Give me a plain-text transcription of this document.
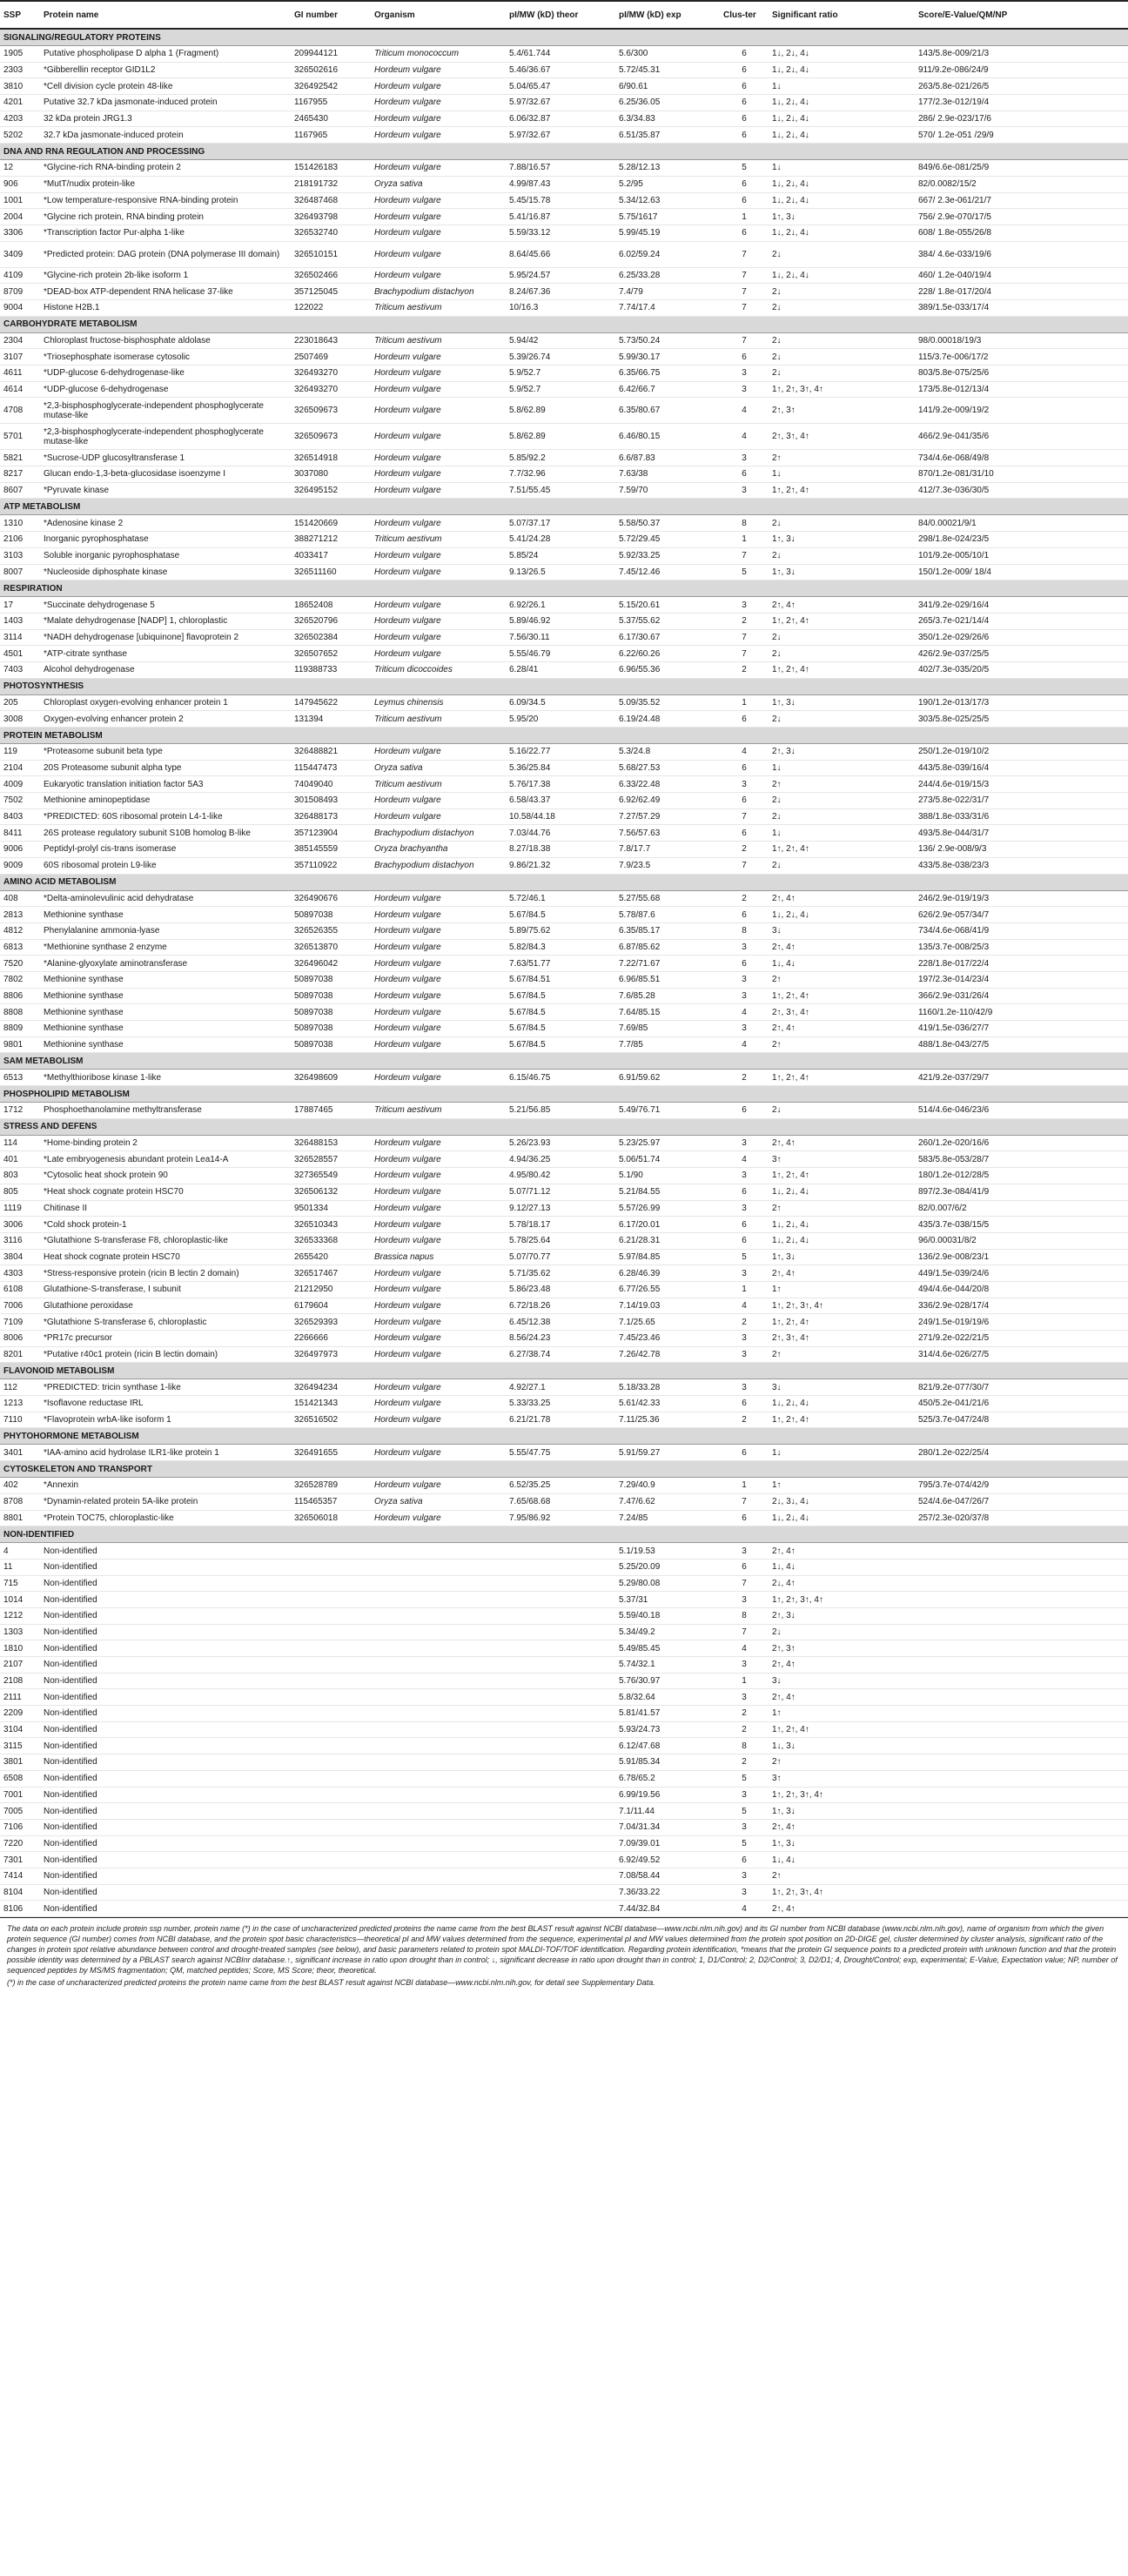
SSP	Protein name	GI number	Organism	pI/MW (kD) theor	pI/MW (kD) exp	Clus-ter	Significant ratio	Score/E-Value/QM/NP
SIGNALING/REGULATORY PROTEINS								
1905	Putative phospholipase D alpha 1 (Fragment)	209944121	Triticum monococcum	5.4/61.744	5.6/300	6	1↓, 2↓, 4↓	143/5.8e-009/21/3
2303	*Gibberellin receptor GID1L2	326502616	Hordeum vulgare	5.46/36.67	5.72/45.31	6	1↓, 2↓, 4↓	911/9.2e-086/24/9
3810	*Cell division cycle protein 48-like	326492542	Hordeum vulgare	5.04/65.47	6/90.61	6	1↓	263/5.8e-021/26/5
4201	Putative 32.7 kDa jasmonate-induced protein	1167955	Hordeum vulgare	5.97/32.67	6.25/36.05	6	1↓, 2↓, 4↓	177/2.3e-012/19/4
4203	32 kDa protein JRG1.3	2465430	Hordeum vulgare	6.06/32.87	6.3/34.83	6	1↓, 2↓, 4↓	286/ 2.9e-023/17/6
5202	32.7 kDa jasmonate-induced protein	1167965	Hordeum vulgare	5.97/32.67	6.51/35.87	6	1↓, 2↓, 4↓	570/ 1.2e-051 /29/9
DNA AND RNA REGULATION AND PROCESSING								
12	*Glycine-rich RNA-binding protein 2	151426183	Hordeum vulgare	7.88/16.57	5.28/12.13	5	1↓	849/6.6e-081/25/9
906	*MutT/nudix protein-like	218191732	Oryza sativa	4.99/87.43	5.2/95	6	1↓, 2↓, 4↓	82/0.0082/15/2
1001	*Low temperature-responsive RNA-binding protein	326487468	Hordeum vulgare	5.45/15.78	5.34/12.63	6	1↓, 2↓, 4↓	667/ 2.3e-061/21/7
2004	*Glycine rich protein, RNA binding protein	326493798	Hordeum vulgare	5.41/16.87	5.75/1617	1	1↑, 3↓	756/ 2.9e-070/17/5
3306	*Transcription factor Pur-alpha 1-like	326532740	Hordeum vulgare	5.59/33.12	5.99/45.19	6	1↓, 2↓, 4↓	608/ 1.8e-055/26/8
3409	*Predicted protein: DAG protein (DNA polymerase III domain)	326510151	Hordeum vulgare	8.64/45.66	6.02/59.24	7	2↓	384/ 4.6e-033/19/6
4109	*Glycine-rich protein 2b-like isoform 1	326502466	Hordeum vulgare	5.95/24.57	6.25/33.28	7	1↓, 2↓, 4↓	460/ 1.2e-040/19/4
8709	*DEAD-box ATP-dependent RNA helicase 37-like	357125045	Brachypodium distachyon	8.24/67.36	7.4/79	7	2↓	228/ 1.8e-017/20/4
9004	Histone H2B.1	122022	Triticum aestivum	10/16.3	7.74/17.4	7	2↓	389/1.5e-033/17/4
CARBOHYDRATE METABOLISM								
2304	Chloroplast fructose-bisphosphate aldolase	223018643	Triticum aestivum	5.94/42	5.73/50.24	7	2↓	98/0.00018/19/3
3107	*Triosephosphate isomerase cytosolic	2507469	Hordeum vulgare	5.39/26.74	5.99/30.17	6	2↓	115/3.7e-006/17/2
4611	*UDP-glucose 6-dehydrogenase-like	326493270	Hordeum vulgare	5.9/52.7	6.35/66.75	3	2↓	803/5.8e-075/25/6
4614	*UDP-glucose 6-dehydrogenase	326493270	Hordeum vulgare	5.9/52.7	6.42/66.7	3	1↑, 2↑, 3↑, 4↑	173/5.8e-012/13/4
4708	*2,3-bisphosphoglycerate-independent phosphoglycerate mutase-like	326509673	Hordeum vulgare	5.8/62.89	6.35/80.67	4	2↑, 3↑	141/9.2e-009/19/2
5701	*2,3-bisphosphoglycerate-independent phosphoglycerate mutase-like	326509673	Hordeum vulgare	5.8/62.89	6.46/80.15	4	2↑, 3↑, 4↑	466/2.9e-041/35/6
5821	*Sucrose-UDP glucosyltransferase 1	326514918	Hordeum vulgare	5.85/92.2	6.6/87.83	3	2↑	734/4.6e-068/49/8
8217	Glucan endo-1,3-beta-glucosidase isoenzyme I	3037080	Hordeum vulgare	7.7/32.96	7.63/38	6	1↓	870/1.2e-081/31/10
8607	*Pyruvate kinase	326495152	Hordeum vulgare	7.51/55.45	7.59/70	3	1↑, 2↑, 4↑	412/7.3e-036/30/5
ATP METABOLISM								
1310	*Adenosine kinase 2	151420669	Hordeum vulgare	5.07/37.17	5.58/50.37	8	2↓	84/0.00021/9/1
2106	Inorganic pyrophosphatase	388271212	Triticum aestivum	5.41/24.28	5.72/29.45	1	1↑, 3↓	298/1.8e-024/23/5
3103	Soluble inorganic pyrophosphatase	4033417	Hordeum vulgare	5.85/24	5.92/33.25	7	2↓	101/9.2e-005/10/1
8007	*Nucleoside diphosphate kinase	326511160	Hordeum vulgare	9.13/26.5	7.45/12.46	5	1↑, 3↓	150/1.2e-009/ 18/4
RESPIRATION								
17	*Succinate dehydrogenase 5	18652408	Hordeum vulgare	6.92/26.1	5.15/20.61	3	2↑, 4↑	341/9.2e-029/16/4
1403	*Malate dehydrogenase [NADP] 1, chloroplastic	326520796	Hordeum vulgare	5.89/46.92	5.37/55.62	2	1↑, 2↑, 4↑	265/3.7e-021/14/4
3114	*NADH dehydrogenase [ubiquinone] flavoprotein 2	326502384	Hordeum vulgare	7.56/30.11	6.17/30.67	7	2↓	350/1.2e-029/26/6
4501	*ATP-citrate synthase	326507652	Hordeum vulgare	5.55/46.79	6.22/60.26	7	2↓	426/2.9e-037/25/5
7403	Alcohol dehydrogenase	119388733	Triticum dicoccoides	6.28/41	6.96/55.36	2	1↑, 2↑, 4↑	402/7.3e-035/20/5
PHOTOSYNTHESIS								
205	Chloroplast oxygen-evolving enhancer protein 1	147945622	Leymus chinensis	6.09/34.5	5.09/35.52	1	1↑, 3↓	190/1.2e-013/17/3
3008	Oxygen-evolving enhancer protein 2	131394	Triticum aestivum	5.95/20	6.19/24.48	6	2↓	303/5.8e-025/25/5
PROTEIN METABOLISM								
119	*Proteasome subunit beta type	326488821	Hordeum vulgare	5.16/22.77	5.3/24.8	4	2↑, 3↓	250/1.2e-019/10/2
2104	20S Proteasome subunit alpha type	115447473	Oryza sativa	5.36/25.84	5.68/27.53	6	1↓	443/5.8e-039/16/4
4009	Eukaryotic translation initiation factor 5A3	74049040	Triticum aestivum	5.76/17.38	6.33/22.48	3	2↑	244/4.6e-019/15/3
7502	Methionine aminopeptidase	301508493	Hordeum vulgare	6.58/43.37	6.92/62.49	6	2↓	273/5.8e-022/31/7
8403	*PREDICTED: 60S ribosomal protein L4-1-like	326488173	Hordeum vulgare	10.58/44.18	7.27/57.29	7	2↓	388/1.8e-033/31/6
8411	26S protease regulatory subunit S10B homolog B-like	357123904	Brachypodium distachyon	7.03/44.76	7.56/57.63	6	1↓	493/5.8e-044/31/7
9006	Peptidyl-prolyl cis-trans isomerase	385145559	Oryza brachyantha	8.27/18.38	7.8/17.7	2	1↑, 2↑, 4↑	136/ 2.9e-008/9/3
9009	60S ribosomal protein L9-like	357110922	Brachypodium distachyon	9.86/21.32	7.9/23.5	7	2↓	433/5.8e-038/23/3
AMINO ACID METABOLISM								
408	*Delta-aminolevulinic acid dehydratase	326490676	Hordeum vulgare	5.72/46.1	5.27/55.68	2	2↑, 4↑	246/2.9e-019/19/3
2813	Methionine synthase	50897038	Hordeum vulgare	5.67/84.5	5.78/87.6	6	1↓, 2↓, 4↓	626/2.9e-057/34/7
4812	Phenylalanine ammonia-lyase	326526355	Hordeum vulgare	5.89/75.62	6.35/85.17	8	3↓	734/4.6e-068/41/9
6813	*Methionine synthase 2 enzyme	326513870	Hordeum vulgare	5.82/84.3	6.87/85.62	3	2↑, 4↑	135/3.7e-008/25/3
7520	*Alanine-glyoxylate aminotransferase	326496042	Hordeum vulgare	7.63/51.77	7.22/71.67	6	1↓, 4↓	228/1.8e-017/22/4
7802	Methionine synthase	50897038	Hordeum vulgare	5.67/84.51	6.96/85.51	3	2↑	197/2.3e-014/23/4
8806	Methionine synthase	50897038	Hordeum vulgare	5.67/84.5	7.6/85.28	3	1↑, 2↑, 4↑	366/2.9e-031/26/4
8808	Methionine synthase	50897038	Hordeum vulgare	5.67/84.5	7.64/85.15	4	2↑, 3↑, 4↑	1160/1.2e-110/42/9
8809	Methionine synthase	50897038	Hordeum vulgare	5.67/84.5	7.69/85	3	2↑, 4↑	419/1.5e-036/27/7
9801	Methionine synthase	50897038	Hordeum vulgare	5.67/84.5	7.7/85	4	2↑	488/1.8e-043/27/5
SAM METABOLISM								
6513	*Methylthioribose kinase 1-like	326498609	Hordeum vulgare	6.15/46.75	6.91/59.62	2	1↑, 2↑, 4↑	421/9.2e-037/29/7
PHOSPHOLIPID METABOLISM								
1712	Phosphoethanolamine methyltransferase	17887465	Triticum aestivum	5.21/56.85	5.49/76.71	6	2↓	514/4.6e-046/23/6
STRESS AND DEFENS								
114	*Home-binding protein 2	326488153	Hordeum vulgare	5.26/23.93	5.23/25.97	3	2↑, 4↑	260/1.2e-020/16/6
401	*Late embryogenesis abundant protein Lea14-A	326528557	Hordeum vulgare	4.94/36.25	5.06/51.74	4	3↑	583/5.8e-053/28/7
803	*Cytosolic heat shock protein 90	327365549	Hordeum vulgare	4.95/80.42	5.1/90	3	1↑, 2↑, 4↑	180/1.2e-012/28/5
805	*Heat shock cognate protein HSC70	326506132	Hordeum vulgare	5.07/71.12	5.21/84.55	6	1↓, 2↓, 4↓	897/2.3e-084/41/9
1119	Chitinase II	9501334	Hordeum vulgare	9.12/27.13	5.57/26.99	3	2↑	82/0.007/6/2
3006	*Cold shock protein-1	326510343	Hordeum vulgare	5.78/18.17	6.17/20.01	6	1↓, 2↓, 4↓	435/3.7e-038/15/5
3116	*Glutathione S-transferase F8, chloroplastic-like	326533368	Hordeum vulgare	5.78/25.64	6.21/28.31	6	1↓, 2↓, 4↓	96/0.00031/8/2
3804	Heat shock cognate protein HSC70	2655420	Brassica napus	5.07/70.77	5.97/84.85	5	1↑, 3↓	136/2.9e-008/23/1
4303	*Stress-responsive protein (ricin B lectin 2 domain)	326517467	Hordeum vulgare	5.71/35.62	6.28/46.39	3	2↑, 4↑	449/1.5e-039/24/6
6108	Glutathione-S-transferase, I subunit	21212950	Hordeum vulgare	5.86/23.48	6.77/26.55	1	1↑	494/4.6e-044/20/8
7006	Glutathione peroxidase	6179604	Hordeum vulgare	6.72/18.26	7.14/19.03	4	1↑, 2↑, 3↑, 4↑	336/2.9e-028/17/4
7109	*Glutathione S-transferase 6, chloroplastic	326529393	Hordeum vulgare	6.45/12.38	7.1/25.65	2	1↑, 2↑, 4↑	249/1.5e-019/19/6
8006	*PR17c precursor	2266666	Hordeum vulgare	8.56/24.23	7.45/23.46	3	2↑, 3↑, 4↑	271/9.2e-022/21/5
8201	*Putative r40c1 protein (ricin B lectin domain)	326497973	Hordeum vulgare	6.27/38.74	7.26/42.78	3	2↑	314/4.6e-026/27/5
FLAVONOID METABOLISM								
112	*PREDICTED: tricin synthase 1-like	326494234	Hordeum vulgare	4.92/27.1	5.18/33.28	3	3↓	821/9.2e-077/30/7
1213	*Isoflavone reductase IRL	151421343	Hordeum vulgare	5.33/33.25	5.61/42.33	6	1↓, 2↓, 4↓	450/5.2e-041/21/6
7110	*Flavoprotein wrbA-like isoform 1	326516502	Hordeum vulgare	6.21/21.78	7.11/25.36	2	1↑, 2↑, 4↑	525/3.7e-047/24/8
PHYTOHORMONE METABOLISM								
3401	*IAA-amino acid hydrolase ILR1-like protein 1	326491655	Hordeum vulgare	5.55/47.75	5.91/59.27	6	1↓	280/1.2e-022/25/4
CYTOSKELETON AND TRANSPORT								
402	*Annexin	326528789	Hordeum vulgare	6.52/35.25	7.29/40.9	1	1↑	795/3.7e-074/42/9
8708	*Dynamin-related protein 5A-like protein	115465357	Oryza sativa	7.65/68.68	7.47/6.62	7	2↓, 3↓, 4↓	524/4.6e-047/26/7
8801	*Protein TOC75, chloroplastic-like	326506018	Hordeum vulgare	7.95/86.92	7.24/85	6	1↓, 2↓, 4↓	257/2.3e-020/37/8
NON-IDENTIFIED								
4	Non-identified				5.1/19.53	3	2↑, 4↑	
11	Non-identified				5.25/20.09	6	1↓, 4↓	
715	Non-identified				5.29/80.08	7	2↓, 4↑	
1014	Non-identified				5.37/31	3	1↑, 2↑, 3↑, 4↑	
1212	Non-identified				5.59/40.18	8	2↑, 3↓	
1303	Non-identified				5.34/49.2	7	2↓	
1810	Non-identified				5.49/85.45	4	2↑, 3↑	
2107	Non-identified				5.74/32.1	3	2↑, 4↑	
2108	Non-identified				5.76/30.97	1	3↓	
2111	Non-identified				5.8/32.64	3	2↑, 4↑	
2209	Non-identified				5.81/41.57	2	1↑	
3104	Non-identified				5.93/24.73	2	1↑, 2↑, 4↑	
3115	Non-identified				6.12/47.68	8	1↓, 3↓	
3801	Non-identified				5.91/85.34	2	2↑	
6508	Non-identified				6.78/65.2	5	3↑	
7001	Non-identified				6.99/19.56	3	1↑, 2↑, 3↑, 4↑	
7005	Non-identified				7.1/11.44	5	1↑, 3↓	
7106	Non-identified				7.04/31.34	3	2↑, 4↑	
7220	Non-identified				7.09/39.01	5	1↑, 3↓	
7301	Non-identified				6.92/49.52	6	1↓, 4↓	
7414	Non-identified				7.08/58.44	3	2↑	
8104	Non-identified				7.36/33.22	3	1↑, 2↑, 3↑, 4↑	
8106	Non-identified				7.44/32.84	4	2↑, 4↑	

The data on each protein include protein ssp number, protein name (*) in the case of uncharacterized predicted proteins the name came from the best BLAST result against NCBI database—www.ncbi.nlm.nih.gov) and its GI number from NCBI database (www.ncbi.nlm.nih.gov), name of organism from which the given protein sequence (GI number) comes from NCBI database, and the protein spot basic characteristics—theoretical pI and MW values determined from the sequence, experimental pI and MW values determined from the protein spot position on 2D-DIGE gel, cluster determined by cluster analysis, significant ratio of the changes in protein spot relative abundance between control and drought-treated samples (see below), and basic parameters related to protein spot MALDI-TOF/TOF identification. Regarding protein identification, *means that the protein GI sequence points to a predicted protein with unknown function and that the protein possible identity was determined by a PBLAST search against NCBInr database.↑, significant increase in ratio upon drought than in control; ↓, significant decrease in ratio upon drought than in control; 1, D1/Control; 2, D2/Control; 3, D2/D1; 4, Drought/Control; exp, experimental; E-Value, Expectation value; NP, number of sequenced peptides by MS/MS fragmentation; QM, matched peptides; Score, MS Score; theor, theoretical.

(*) in the case of uncharacterized predicted proteins the protein name came from the best BLAST result against NCBI database—www.ncbi.nlm.nih.gov, for detail see Supplementary Data.
